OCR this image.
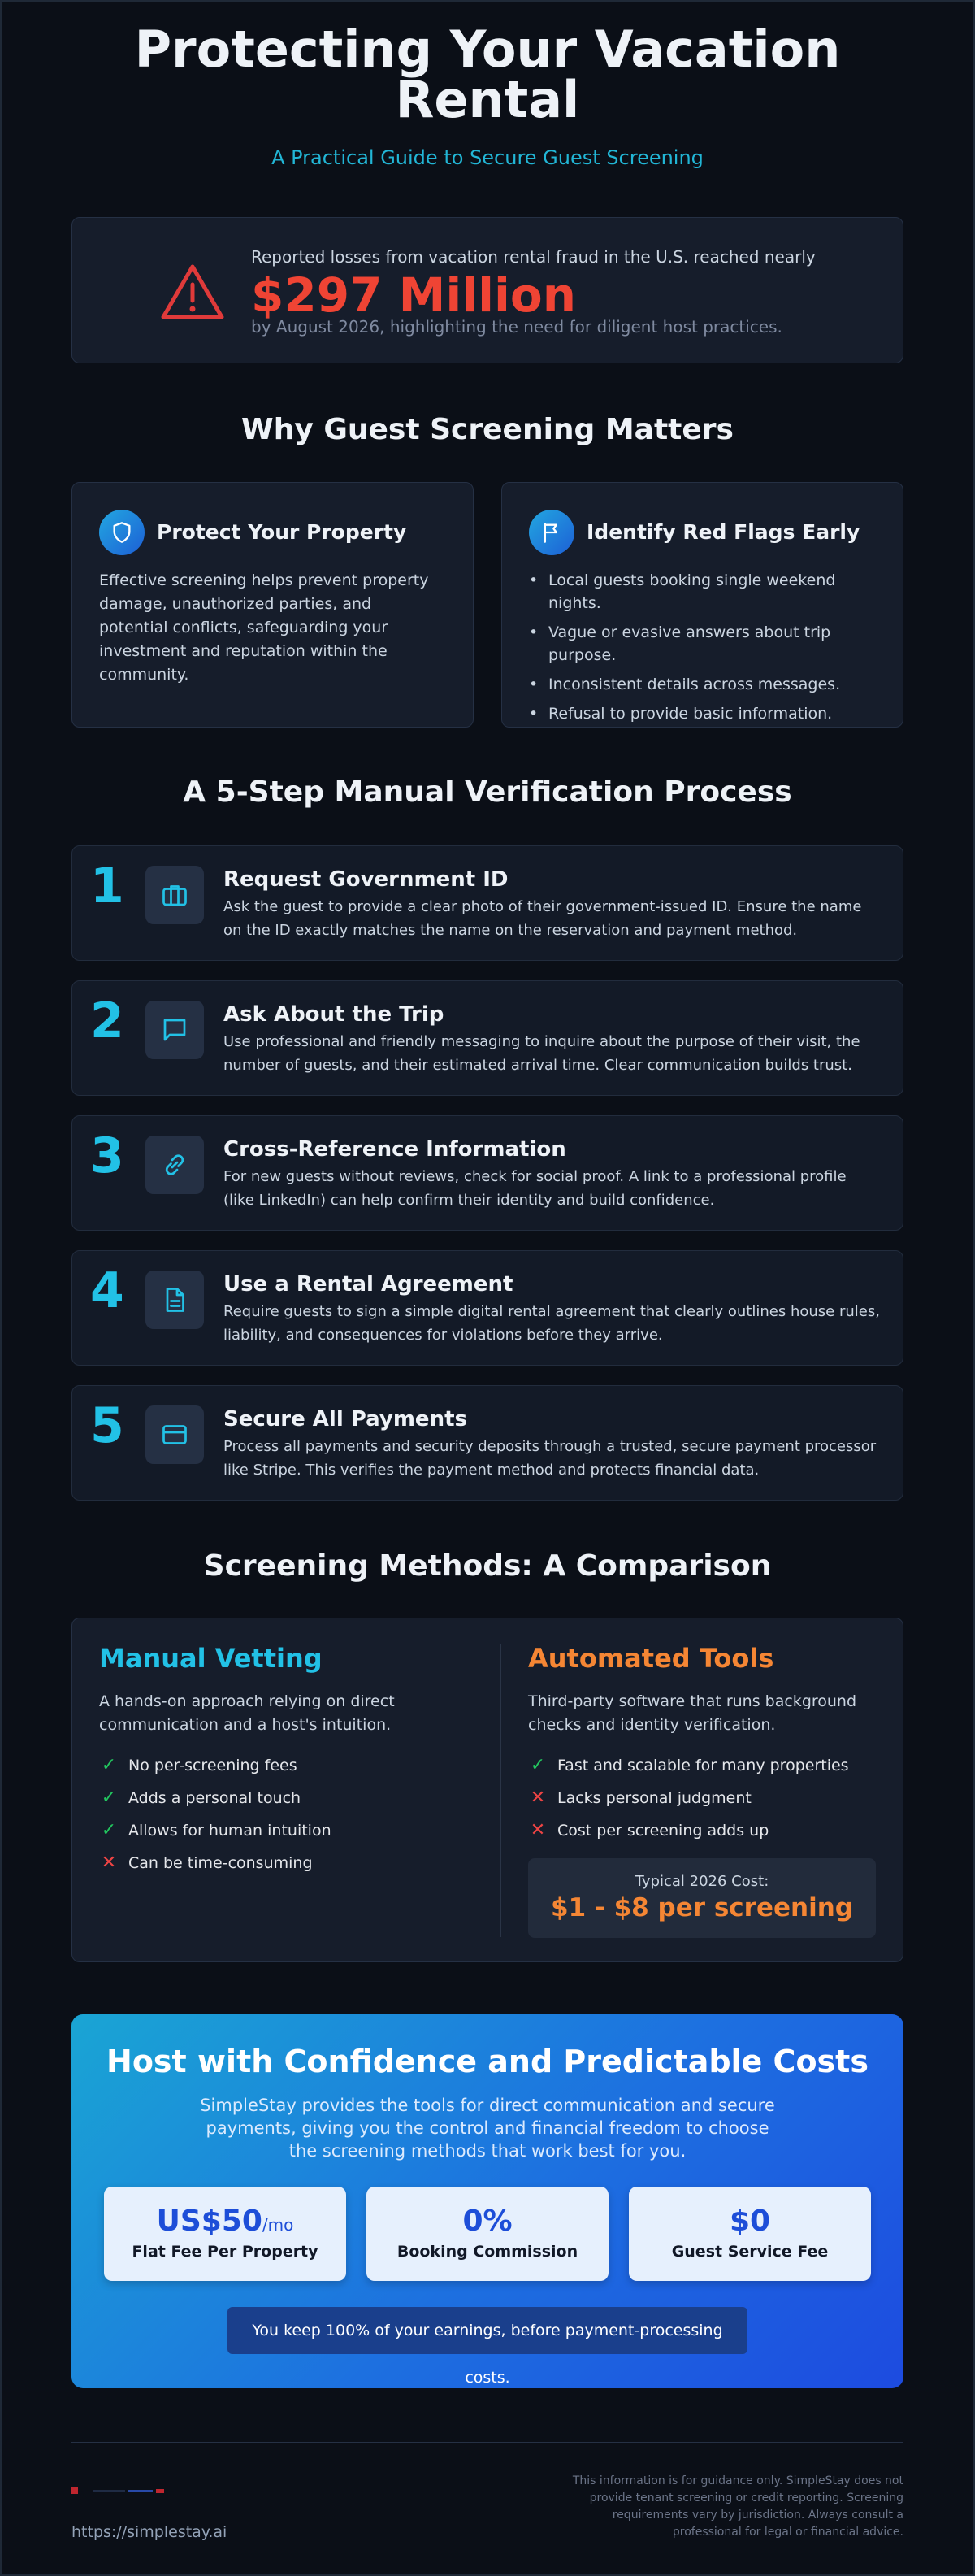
Protecting Your Vacation Rental
A Practical Guide to Secure Guest Screening
Reported losses from vacation rental fraud in the U.S. reached nearly
$297 Million
by August 2026, highlighting the need for diligent host practices.
Why Guest Screening Matters
Protect Your Property

Effective screening helps prevent property damage, unauthorized parties, and potential conflicts, safeguarding your investment and reputation within the community.

Identify Red Flags Early
• Local guests booking single weekend nights.
• Vague or evasive answers about trip purpose.
• Inconsistent details across messages.
• Refusal to provide basic information.
A 5-Step Manual Verification Process
1	Request Government ID

Ask the guest to provide a clear photo of their government-issued ID. Ensure the name on the ID exactly matches the name on the reservation and payment method.

2	Ask About the Trip

Use professional and friendly messaging to inquire about the purpose of their visit, the number of guests, and their estimated arrival time. Clear communication builds trust.

3	Cross-Reference Information

For new guests without reviews, check for social proof. A link to a professional profile (like LinkedIn) can help confirm their identity and build confidence.

4	Use a Rental Agreement

Require guests to sign a simple digital rental agreement that clearly outlines house rules, liability, and consequences for violations before they arrive.

5	Secure All Payments

Process all payments and security deposits through a trusted, secure payment processor like Stripe. This verifies the payment method and protects financial data.

Screening Methods: A Comparison
Manual Vetting
A hands-on approach relying on direct communication and a host's intuition.
✓ No per-screening fees
✓ Adds a personal touch
✓ Allows for human intuition
✕ Can be time-consuming
Automated Tools
Third-party software that runs background checks and identity verification.
✓ Fast and scalable for many properties
✕ Lacks personal judgment
✕ Cost per screening adds up
Typical 2026 Cost:
$1 - $8 per screening
Host with Confidence and Predictable Costs
SimpleStay provides the tools for direct communication and secure payments, giving you the control and financial freedom to choose the screening methods that work best for you.
US$50/mo
Flat Fee Per Property
0%
Booking Commission
$0
Guest Service Fee
You keep 100% of your earnings, before payment-processing costs.
https://simplestay.ai
This information is for guidance only. SimpleStay does not provide tenant screening or credit reporting. Screening requirements vary by jurisdiction. Always consult a professional for legal or financial advice.
